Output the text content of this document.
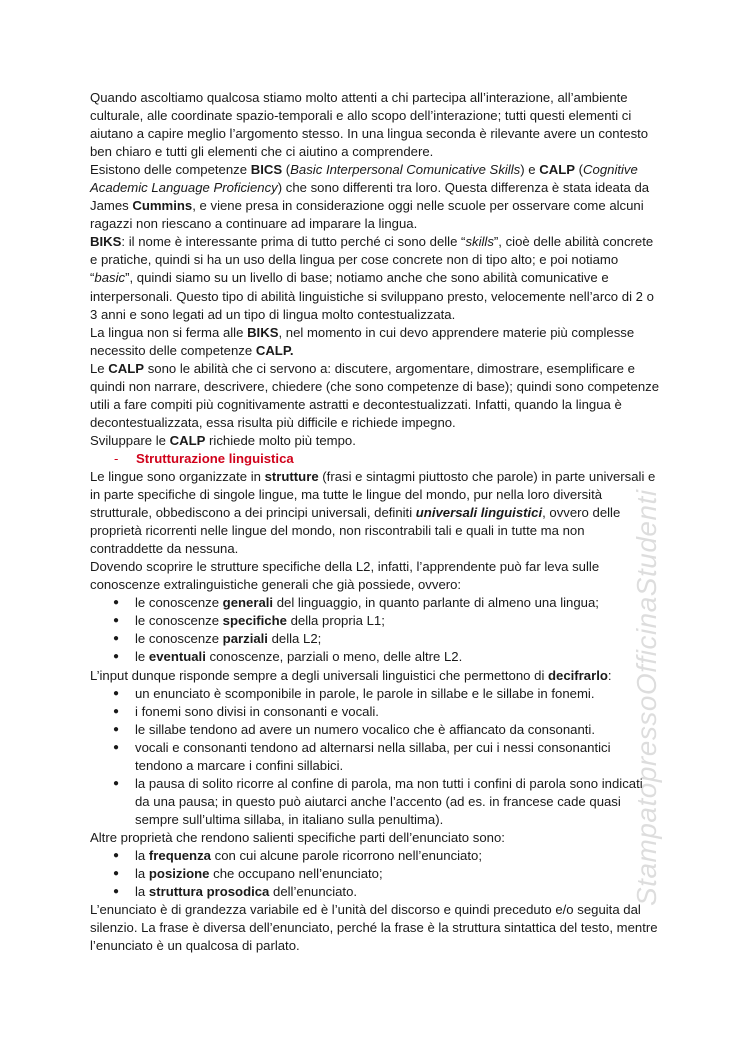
Quando ascoltiamo qualcosa stiamo molto attenti a chi partecipa all’interazione, all’ambiente culturale, alle coordinate spazio-temporali e allo scopo dell’interazione; tutti questi elementi ci aiutano a capire meglio l’argomento stesso. In una lingua seconda è rilevante avere un contesto ben chiaro e tutti gli elementi che ci aiutino a comprendere.

Esistono delle competenze BICS (Basic Interpersonal Comunicative Skills) e CALP (Cognitive Academic Language Proficiency) che sono differenti tra loro. Questa differenza è stata ideata da James Cummins, e viene presa in considerazione oggi nelle scuole per osservare come alcuni ragazzi non riescano a continuare ad imparare la lingua.

BIKS: il nome è interessante prima di tutto perché ci sono delle “skills”, cioè delle abilità concrete e pratiche, quindi si ha un uso della lingua per cose concrete non di tipo alto; e poi notiamo “basic”, quindi siamo su un livello di base; notiamo anche che sono abilità comunicative e interpersonali. Questo tipo di abilità linguistiche si sviluppano presto, velocemente nell’arco di 2 o 3 anni e sono legati ad un tipo di lingua molto contestualizzata.

La lingua non si ferma alle BIKS, nel momento in cui devo apprendere materie più complesse necessito delle competenze CALP.

Le CALP sono le abilità che ci servono a: discutere, argomentare, dimostrare, esemplificare e quindi non narrare, descrivere, chiedere (che sono competenze di base); quindi sono competenze utili a fare compiti più cognitivamente astratti e decontestualizzati. Infatti, quando la lingua è decontestualizzata, essa risulta più difficile e richiede impegno.

Sviluppare le CALP richiede molto più tempo.

-	Strutturazione linguistica

Le lingue sono organizzate in strutture (frasi e sintagmi piuttosto che parole) in parte universali e in parte specifiche di singole lingue, ma tutte le lingue del mondo, pur nella loro diversità strutturale, obbediscono a dei principi universali, definiti universali linguistici, ovvero delle proprietà ricorrenti nelle lingue del mondo, non riscontrabili tali e quali in tutte ma non contraddette da nessuna.

Dovendo scoprire le strutture specifiche della L2, infatti, l’apprendente può far leva sulle conoscenze extralinguistiche generali che già possiede, ovvero:

● le conoscenze generali del linguaggio, in quanto parlante di almeno una lingua;
● le conoscenze specifiche della propria L1;
● le conoscenze parziali della L2;
● le eventuali conoscenze, parziali o meno, delle altre L2.

L’input dunque risponde sempre a degli universali linguistici che permettono di decifrarlo:

● un enunciato è scomponibile in parole, le parole in sillabe e le sillabe in fonemi.
● i fonemi sono divisi in consonanti e vocali.
● le sillabe tendono ad avere un numero vocalico che è affiancato da consonanti.
● vocali e consonanti tendono ad alternarsi nella sillaba, per cui i nessi consonantici tendono a marcare i confini sillabici.
● la pausa di solito ricorre al confine di parola, ma non tutti i confini di parola sono indicati da una pausa; in questo può aiutarci anche l’accento (ad es. in francese cade quasi sempre sull’ultima sillaba, in italiano sulla penultima).

Altre proprietà che rendono salienti specifiche parti dell’enunciato sono:

● la frequenza con cui alcune parole ricorrono nell’enunciato;
● la posizione che occupano nell’enunciato;
● la struttura prosodica dell’enunciato.

L’enunciato è di grandezza variabile ed è l’unità del discorso e quindi preceduto e/o seguita dal silenzio. La frase è diversa dell’enunciato, perché la frase è la struttura sintattica del testo, mentre l’enunciato è un qualcosa di parlato.

StampatopressoOfficinaStudenti
